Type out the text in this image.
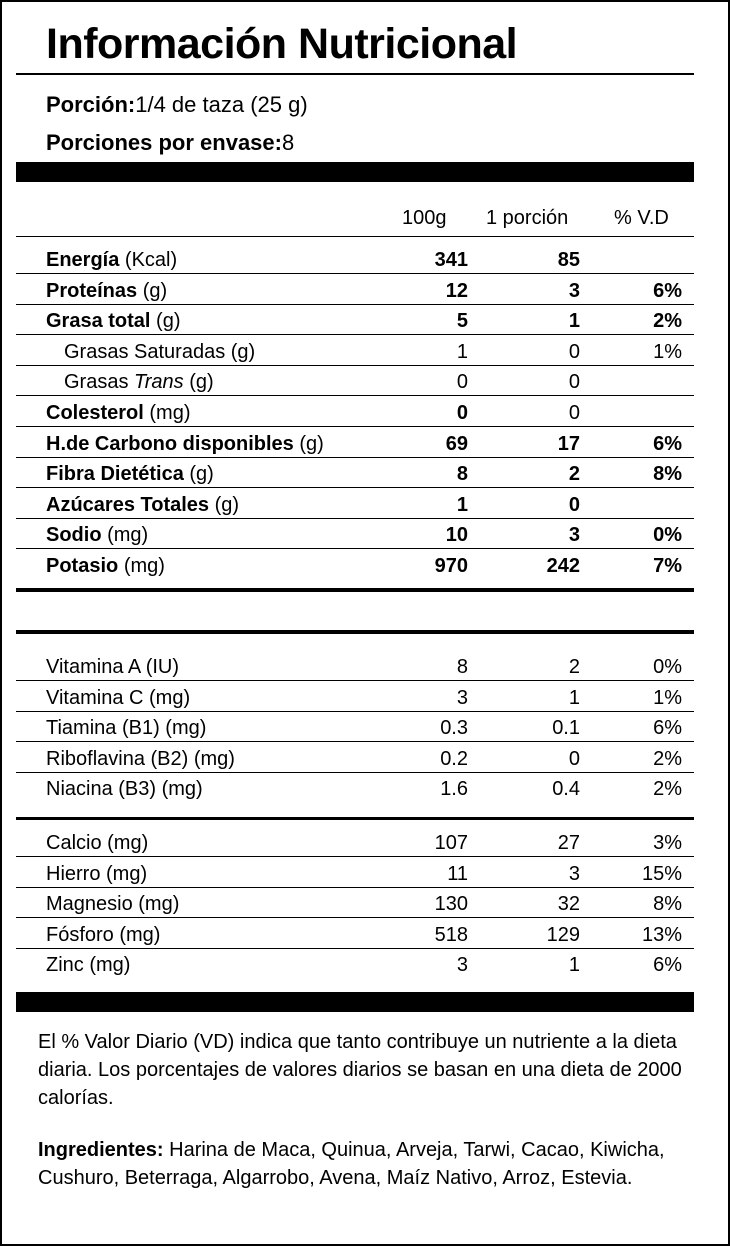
Información Nutricional
Porción:1/4 de taza (25 g)
Porciones por envase:8
100g 1 porción % V.D
Energía (Kcal)	341	85
Proteínas (g)	12	3	6%
Grasa total (g)	5	1	2%
Grasas Saturadas (g)	1	0	1%
Grasas Trans (g)	0	0
Colesterol (mg)	0	0
H.de Carbono disponibles (g)	69	17	6%
Fibra Dietética (g)	8	2	8%
Azúcares Totales (g)	1	0
Sodio (mg)	10	3	0%
Potasio (mg)	970	242	7%
Vitamina A (IU)	8	2	0%
Vitamina C (mg)	3	1	1%
Tiamina (B1) (mg)	0.3	0.1	6%
Riboflavina (B2) (mg)	0.2	0	2%
Niacina (B3) (mg)	1.6	0.4	2%
Calcio (mg)	107	27	3%
Hierro (mg)	11	3	15%
Magnesio (mg)	130	32	8%
Fósforo (mg)	518	129	13%
Zinc (mg)	3	1	6%
El % Valor Diario (VD) indica que tanto contribuye un nutriente a la dieta diaria. Los porcentajes de valores diarios se basan en una dieta de 2000 calorías.
Ingredientes: Harina de Maca, Quinua, Arveja, Tarwi, Cacao, Kiwicha, Cushuro, Beterraga, Algarrobo, Avena, Maíz Nativo, Arroz, Estevia.
